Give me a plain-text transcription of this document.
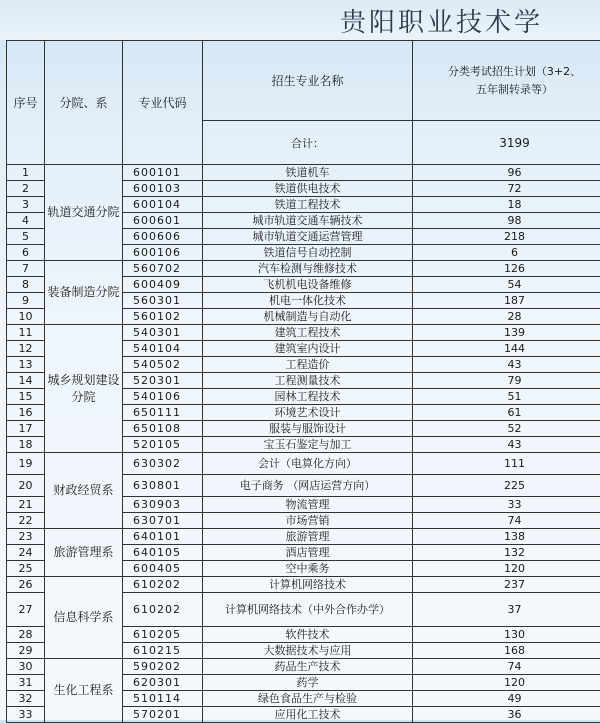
贵阳职业技术学
序号	分院、系	专业代码	招生专业名称	分类考试招生计划（3+2、
五年制转录等）

			合计：	3199
1	轨道交通分院	600101	铁道机车	96
2		600103	铁道供电技术	72
3		600104	铁道工程技术	18
4		600601	城市轨道交通车辆技术	98
5		600606	城市轨道交通运营管理	218
6		600106	铁道信号自动控制	6
7	装备制造分院	560702	汽车检测与维修技术	126
8		600409	飞机机电设备维修	54
9		560301	机电一体化技术	187
10		560102	机械制造与自动化	28
11	城乡规划建设分院	540301	建筑工程技术	139
12		540104	建筑室内设计	144
13		540502	工程造价	43
14		520301	工程测量技术	79
15		540106	园林工程技术	51
16		650111	环境艺术设计	61
17		650108	服装与服饰设计	52
18		520105	宝玉石鉴定与加工	43
19	财政经贸系	630302	会计（电算化方向）	111
20		630801	电子商务 （网店运营方向）	225
21		630903	物流管理	33
22		630701	市场营销	74
23	旅游管理系	640101	旅游管理	138
24		640105	酒店管理	132
25		600405	空中乘务	120
26	信息科学系	610202	计算机网络技术	237
27		610202	计算机网络技术（中外合作办学）	37
28		610205	软件技术	130
29		610215	大数据技术与应用	168
30	生化工程系	590202	药品生产技术	74
31		620301	药学	120
32		510114	绿色食品生产与检验	49
33		570201	应用化工技术	36
